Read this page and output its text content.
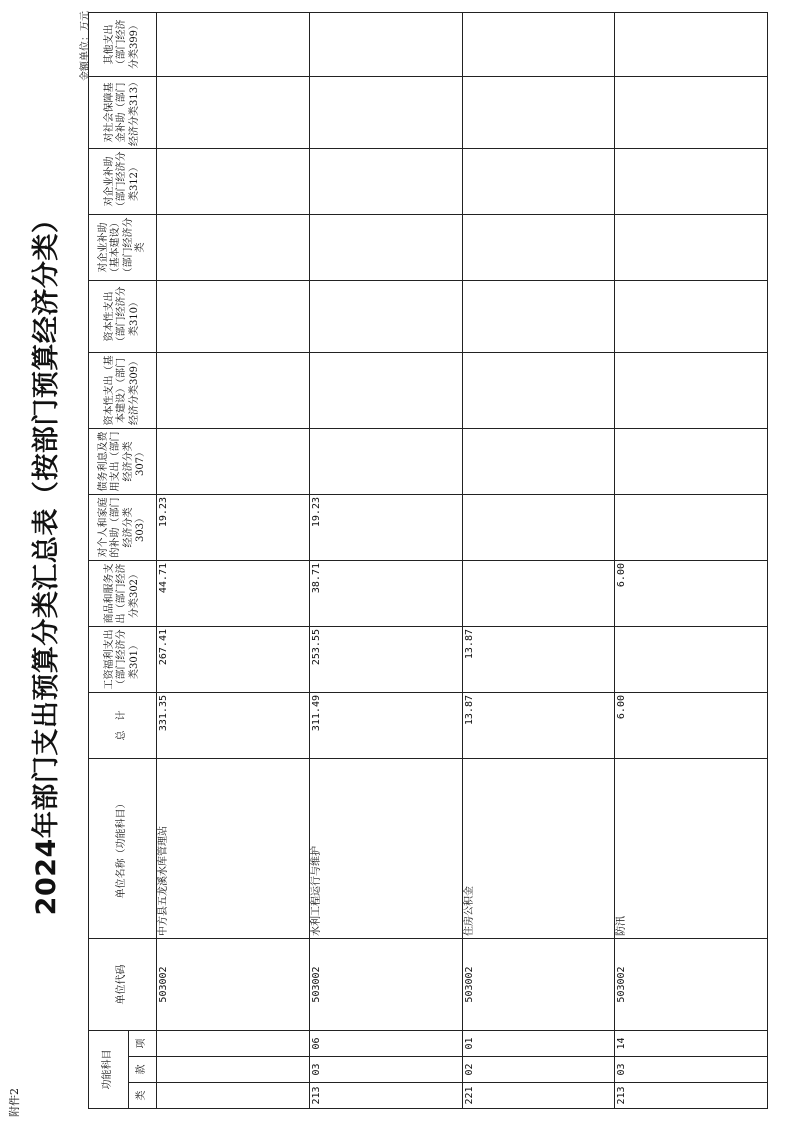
附件2
2024年部门支出预算分类汇总表（按部门预算经济分类）
金额单位：万元
功能科目			单位代码	单位名称（功能科目）	总　计	工资福利支出（部门经济分类301）	商品和服务支出（部门经济分类302）	对个人和家庭的补助（部门经济分类303）	债务利息及费用支出（部门经济分类307）	资本性支出（基本建设）（部门经济分类309）	资本性支出（部门经济分类310）	对企业补助（基本建设）（部门经济分类	对企业补助（部门经济分类312）	对社会保障基金补助（部门经济分类313）	其他支出（部门经济分类399）
类	款	项													
			503002	中方县五龙溪水库管理站	331.35	267.41	44.71	19.23							
213	03	06	503002	水利工程运行与维护	311.49	253.55	38.71	19.23							
221	02	01	503002	住房公积金	13.87	13.87									
213	03	14	503002	防汛	6.00		6.00								
